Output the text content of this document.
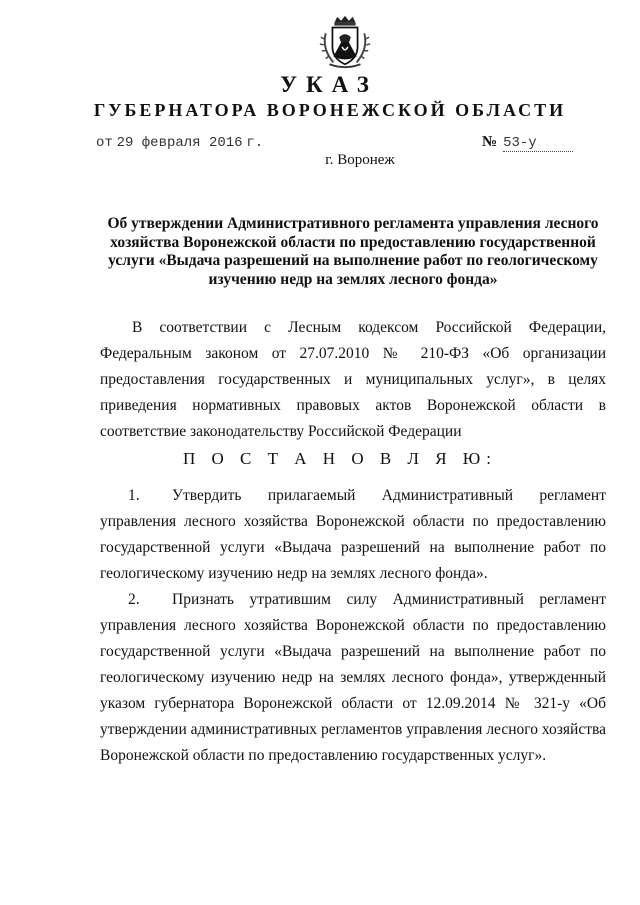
УКАЗ
ГУБЕРНАТОРА ВОРОНЕЖСКОЙ ОБЛАСТИ
от 29 февраля 2016 г.	№ 53-у
г. Воронеж
Об утверждении Административного регламента управления лесного хозяйства Воронежской области по предоставлению государственной услуги «Выдача разрешений на выполнение работ по геологическому изучению недр на землях лесного фонда»
В соответствии с Лесным кодексом Российской Федерации, Федеральным законом от 27.07.2010 № 210-ФЗ «Об организации предоставления государственных и муниципальных услуг», в целях приведения нормативных правовых актов Воронежской области в соответствие законодательству Российской Федерации
П О С Т А Н О В Л Я Ю:
1. Утвердить прилагаемый Административный регламент управления лесного хозяйства Воронежской области по предоставлению государственной услуги «Выдача разрешений на выполнение работ по геологическому изучению недр на землях лесного фонда».
2. Признать утратившим силу Административный регламент управления лесного хозяйства Воронежской области по предоставлению государственной услуги «Выдача разрешений на выполнение работ по геологическому изучению недр на землях лесного фонда», утвержденный указом губернатора Воронежской области от 12.09.2014 № 321-у «Об утверждении административных регламентов управления лесного хозяйства Воронежской области по предоставлению государственных услуг».
